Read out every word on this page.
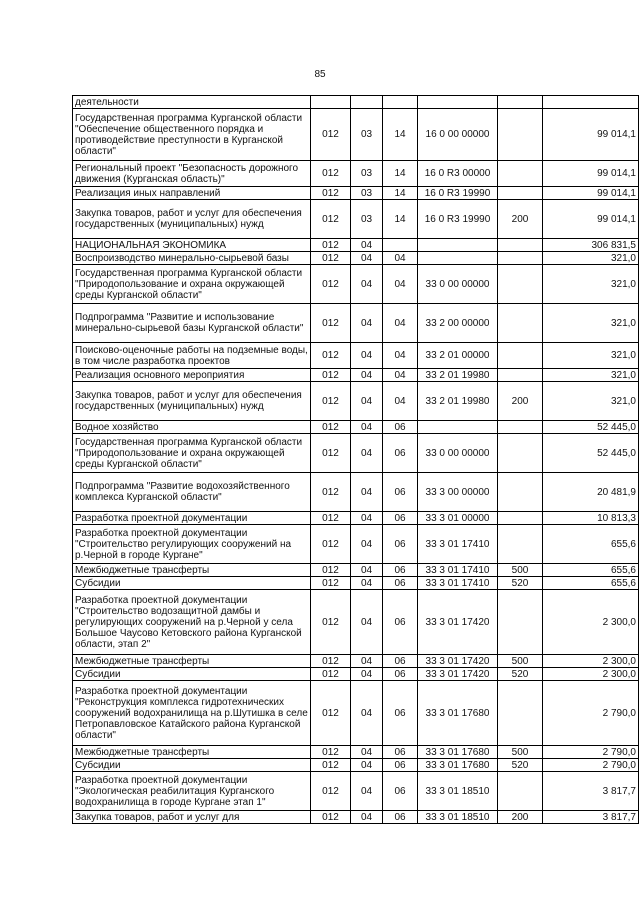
85
деятельности						
Государственная программа Курганской области "Обеспечение общественного порядка и противодействие преступности в Курганской области"	012	03	14	16 0 00 00000		99 014,1
Региональный проект "Безопасность дорожного движения (Курганская область)"	012	03	14	16 0 R3 00000		99 014,1
Реализация иных направлений	012	03	14	16 0 R3 19990		99 014,1
Закупка товаров, работ и услуг для обеспечения государственных (муниципальных) нужд	012	03	14	16 0 R3 19990	200	99 014,1
НАЦИОНАЛЬНАЯ ЭКОНОМИКА	012	04				306 831,5
Воспроизводство минерально-сырьевой базы	012	04	04			321,0
Государственная программа Курганской области "Природопользование и охрана окружающей среды Курганской области"	012	04	04	33 0 00 00000		321,0
Подпрограмма "Развитие и использование минерально-сырьевой базы Курганской области"	012	04	04	33 2 00 00000		321,0
Поисково-оценочные работы на подземные воды, в том числе разработка проектов	012	04	04	33 2 01 00000		321,0
Реализация основного мероприятия	012	04	04	33 2 01 19980		321,0
Закупка товаров, работ и услуг для обеспечения государственных (муниципальных) нужд	012	04	04	33 2 01 19980	200	321,0
Водное хозяйство	012	04	06			52 445,0
Государственная программа Курганской области "Природопользование и охрана окружающей среды Курганской области"	012	04	06	33 0 00 00000		52 445,0
Подпрограмма "Развитие водохозяйственного комплекса Курганской области"	012	04	06	33 3 00 00000		20 481,9
Разработка проектной документации	012	04	06	33 3 01 00000		10 813,3
Разработка проектной документации "Строительство регулирующих сооружений на р.Черной в городе Кургане"	012	04	06	33 3 01 17410		655,6
Межбюджетные трансферты	012	04	06	33 3 01 17410	500	655,6
Субсидии	012	04	06	33 3 01 17410	520	655,6
Разработка проектной документации "Строительство водозащитной дамбы и регулирующих сооружений на р.Черной у села Большое Чаусово Кетовского района Курганской области, этап 2"	012	04	06	33 3 01 17420		2 300,0
Межбюджетные трансферты	012	04	06	33 3 01 17420	500	2 300,0
Субсидии	012	04	06	33 3 01 17420	520	2 300,0
Разработка проектной документации "Реконструкция комплекса гидротехнических сооружений водохранилища на р.Шутишка в селе Петропавловское Катайского района Курганской области"	012	04	06	33 3 01 17680		2 790,0
Межбюджетные трансферты	012	04	06	33 3 01 17680	500	2 790,0
Субсидии	012	04	06	33 3 01 17680	520	2 790,0
Разработка проектной документации "Экологическая реабилитация Курганского водохранилища в городе Кургане этап 1"	012	04	06	33 3 01 18510		3 817,7
Закупка товаров, работ и услуг для	012	04	06	33 3 01 18510	200	3 817,7
